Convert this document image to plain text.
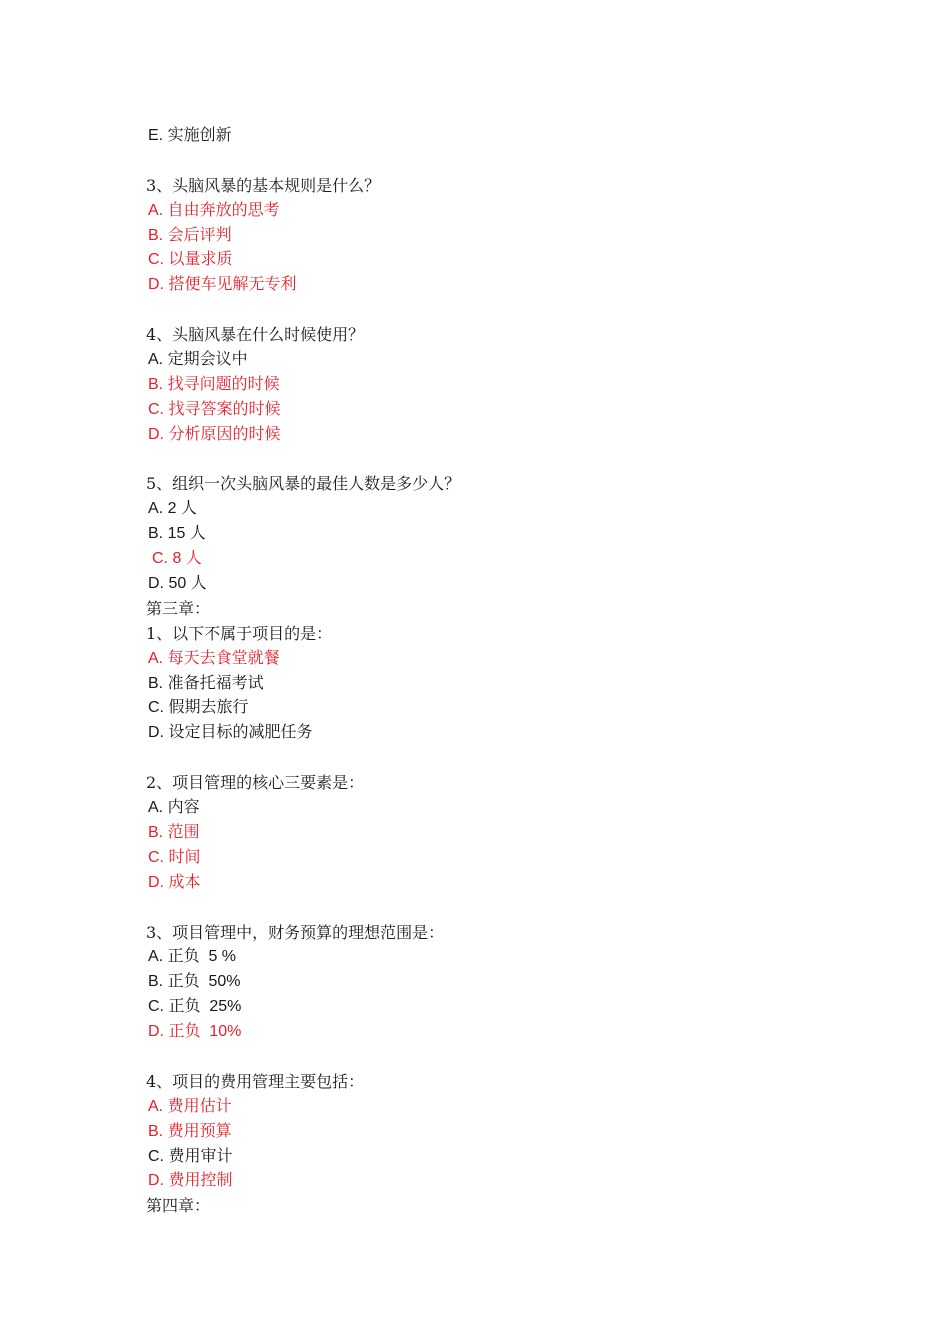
E. 实施创新
3、头脑风暴的基本规则是什么？
A. 自由奔放的思考
B. 会后评判
C. 以量求质
D. 搭便车见解无专利
4、头脑风暴在什么时候使用？
A. 定期会议中
B. 找寻问题的时候
C. 找寻答案的时候
D. 分析原因的时候
5、组织一次头脑风暴的最佳人数是多少人？
A. 2 人
B. 15 人
C. 8 人
D. 50 人
第三章：
1、以下不属于项目的是：
A. 每天去食堂就餐
B. 准备托福考试
C. 假期去旅行
D. 设定目标的减肥任务
2、项目管理的核心三要素是：
A. 内容
B. 范围
C. 时间
D. 成本
3、项目管理中，财务预算的理想范围是：
A. 正负  5 %
B. 正负  50%
C. 正负  25%
D. 正负  10%
4、项目的费用管理主要包括：
A. 费用估计
B. 费用预算
C. 费用审计
D. 费用控制
第四章：
